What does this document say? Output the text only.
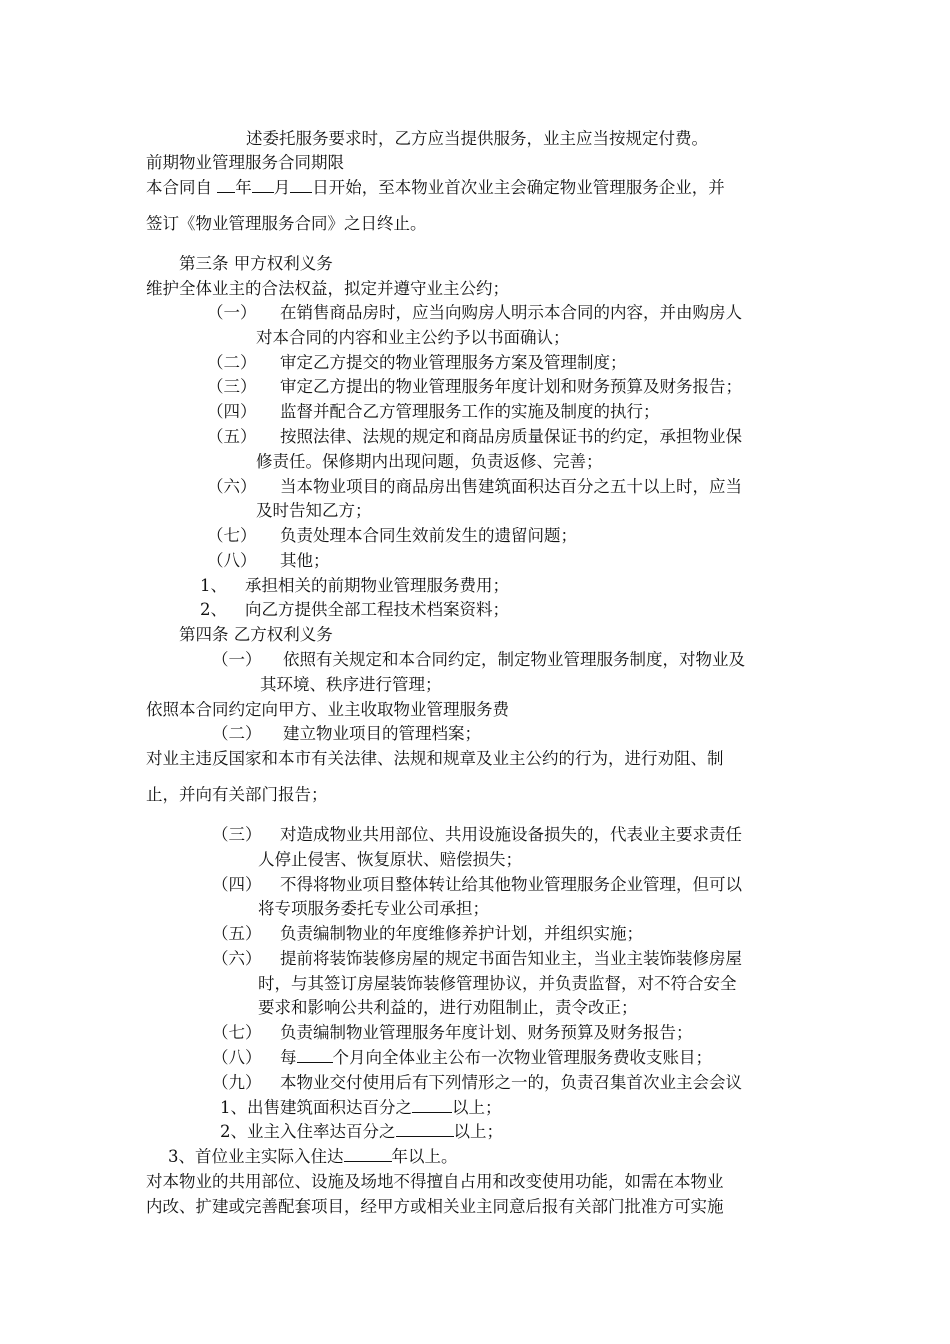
述委托服务要求时，乙方应当提供服务，业主应当按规定付费。
前期物业管理服务合同期限
本合同自 年 月 日开始，至本物业首次业主会确定物业管理服务企业，并
签订《物业管理服务合同》之日终止。
第三条 甲方权利义务
维护全体业主的合法权益，拟定并遵守业主公约；
（一） 在销售商品房时，应当向购房人明示本合同的内容，并由购房人
对本合同的内容和业主公约予以书面确认；
（二） 审定乙方提交的物业管理服务方案及管理制度；
（三） 审定乙方提出的物业管理服务年度计划和财务预算及财务报告；
（四） 监督并配合乙方管理服务工作的实施及制度的执行；
（五） 按照法律、法规的规定和商品房质量保证书的约定，承担物业保
修责任。保修期内出现问题，负责返修、完善；
（六） 当本物业项目的商品房出售建筑面积达百分之五十以上时，应当
及时告知乙方；
（七） 负责处理本合同生效前发生的遗留问题；
（八） 其他；
1、 承担相关的前期物业管理服务费用；
2、 向乙方提供全部工程技术档案资料；
第四条 乙方权利义务
（一） 依照有关规定和本合同约定，制定物业管理服务制度，对物业及
其环境、秩序进行管理；
依照本合同约定向甲方、业主收取物业管理服务费
（二） 建立物业项目的管理档案；
对业主违反国家和本市有关法律、法规和规章及业主公约的行为，进行劝阻、制
止，并向有关部门报告；
（三） 对造成物业共用部位、共用设施设备损失的，代表业主要求责任
人停止侵害、恢复原状、赔偿损失；
（四） 不得将物业项目整体转让给其他物业管理服务企业管理，但可以
将专项服务委托专业公司承担；
（五） 负责编制物业的年度维修养护计划，并组织实施；
（六） 提前将装饰装修房屋的规定书面告知业主，当业主装饰装修房屋
时，与其签订房屋装饰装修管理协议，并负责监督，对不符合安全
要求和影响公共利益的，进行劝阻制止，责令改正；
（七） 负责编制物业管理服务年度计划、财务预算及财务报告；
（八） 每 个月向全体业主公布一次物业管理服务费收支账目；
（九） 本物业交付使用后有下列情形之一的，负责召集首次业主会会议
1、出售建筑面积达百分之 以上；
2、业主入住率达百分之	以上；
3、首位业主实际入住达	年以上。
对本物业的共用部位、设施及场地不得擅自占用和改变使用功能，如需在本物业
内改、扩建或完善配套项目，经甲方或相关业主同意后报有关部门批准方可实施
